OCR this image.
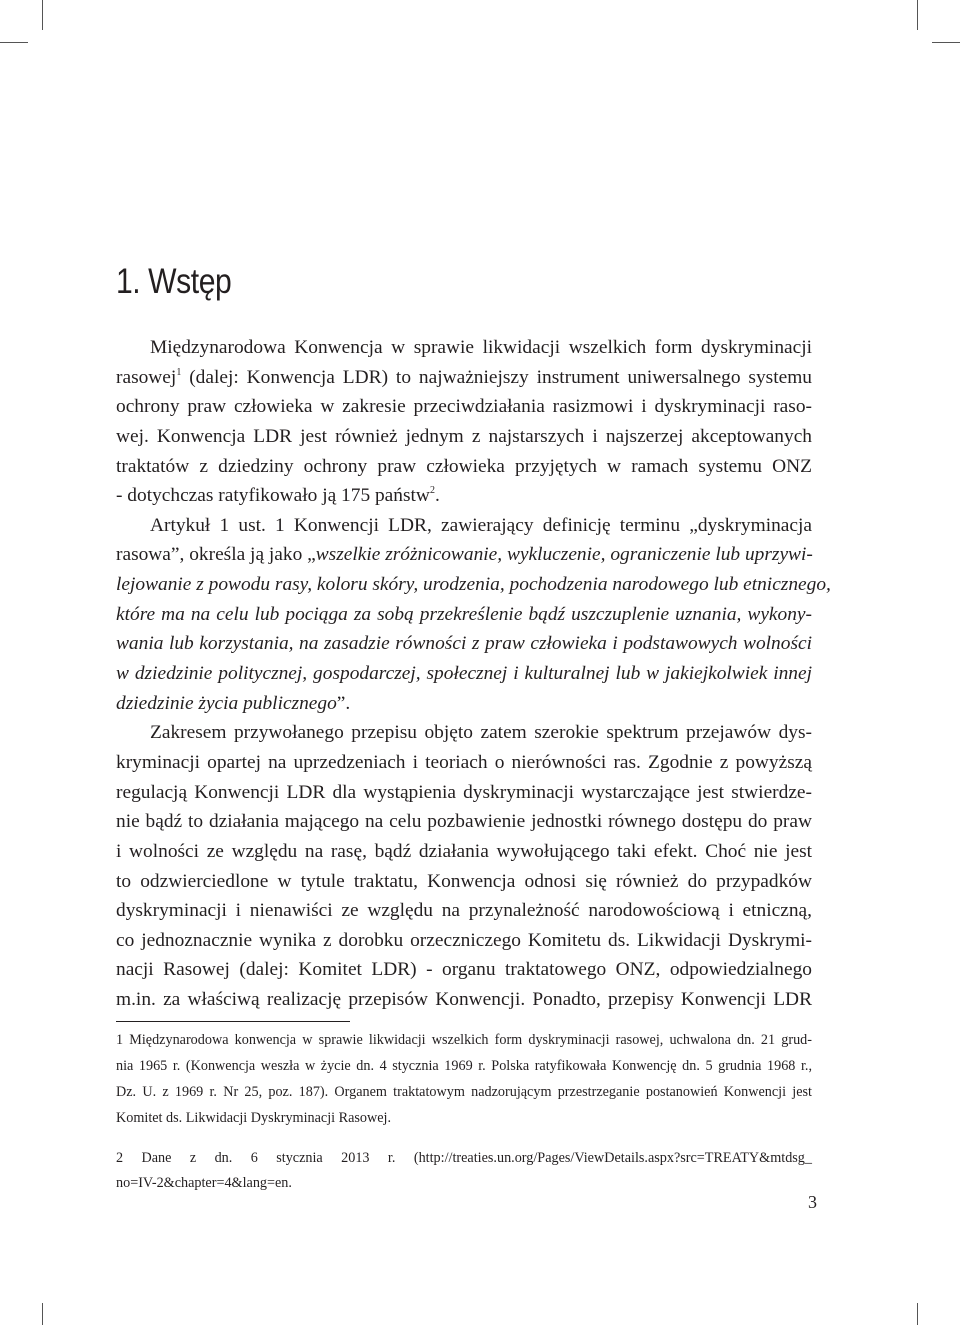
1. Wstęp
Międzynarodowa Konwencja w sprawie likwidacji wszelkich form dyskryminacji
rasowej$^1$ (dalej: Konwencja LDR) to najważniejszy instrument uniwersalnego systemu
ochrony praw człowieka w zakresie przeciwdziałania rasizmowi i dyskryminacji raso-
wej. Konwencja LDR jest również jednym z najstarszych i najszerzej akceptowanych
traktatów z dziedziny ochrony praw człowieka przyjętych w ramach systemu ONZ
- dotychczas ratyfikowało ją 175 państw$^2$.
Artykuł 1 ust. 1 Konwencji LDR, zawierający definicję terminu „dyskryminacja
rasowa”, określa ją jako „wszelkie zróżnicowanie, wykluczenie, ograniczenie lub uprzywi-
lejowanie z powodu rasy, koloru skóry, urodzenia, pochodzenia narodowego lub etnicznego,
które ma na celu lub pociąga za sobą przekreślenie bądź uszczuplenie uznania, wykony-
wania lub korzystania, na zasadzie równości z praw człowieka i podstawowych wolności
w dziedzinie politycznej, gospodarczej, społecznej i kulturalnej lub w jakiejkolwiek innej
dziedzinie życia publicznego”.
Zakresem przywołanego przepisu objęto zatem szerokie spektrum przejawów dys-
kryminacji opartej na uprzedzeniach i teoriach o nierówności ras. Zgodnie z powyższą
regulacją Konwencji LDR dla wystąpienia dyskryminacji wystarczające jest stwierdze-
nie bądź to działania mającego na celu pozbawienie jednostki równego dostępu do praw
i wolności ze względu na rasę, bądź działania wywołującego taki efekt. Choć nie jest
to odzwierciedlone w tytule traktatu, Konwencja odnosi się również do przypadków
dyskryminacji i nienawiści ze względu na przynależność narodowościową i etniczną,
co jednoznacznie wynika z dorobku orzeczniczego Komitetu ds. Likwidacji Dyskrymi-
nacji Rasowej (dalej: Komitet LDR) - organu traktatowego ONZ, odpowiedzialnego
m.in. za właściwą realizację przepisów Konwencji. Ponadto, przepisy Konwencji LDR
1 Międzynarodowa konwencja w sprawie likwidacji wszelkich form dyskryminacji rasowej, uchwalona dn. 21 grud-
nia 1965 r. (Konwencja weszła w życie dn. 4 stycznia 1969 r. Polska ratyfikowała Konwencję dn. 5 grudnia 1968 r.,
Dz. U. z 1969 r. Nr 25, poz. 187). Organem traktatowym nadzorującym przestrzeganie postanowień Konwencji jest
Komitet ds. Likwidacji Dyskryminacji Rasowej.
2 Dane z dn. 6 stycznia 2013 r. (http://treaties.un.org/Pages/ViewDetails.aspx?src=TREATY&mtdsg_
no=IV-2&chapter=4&lang=en.
3
